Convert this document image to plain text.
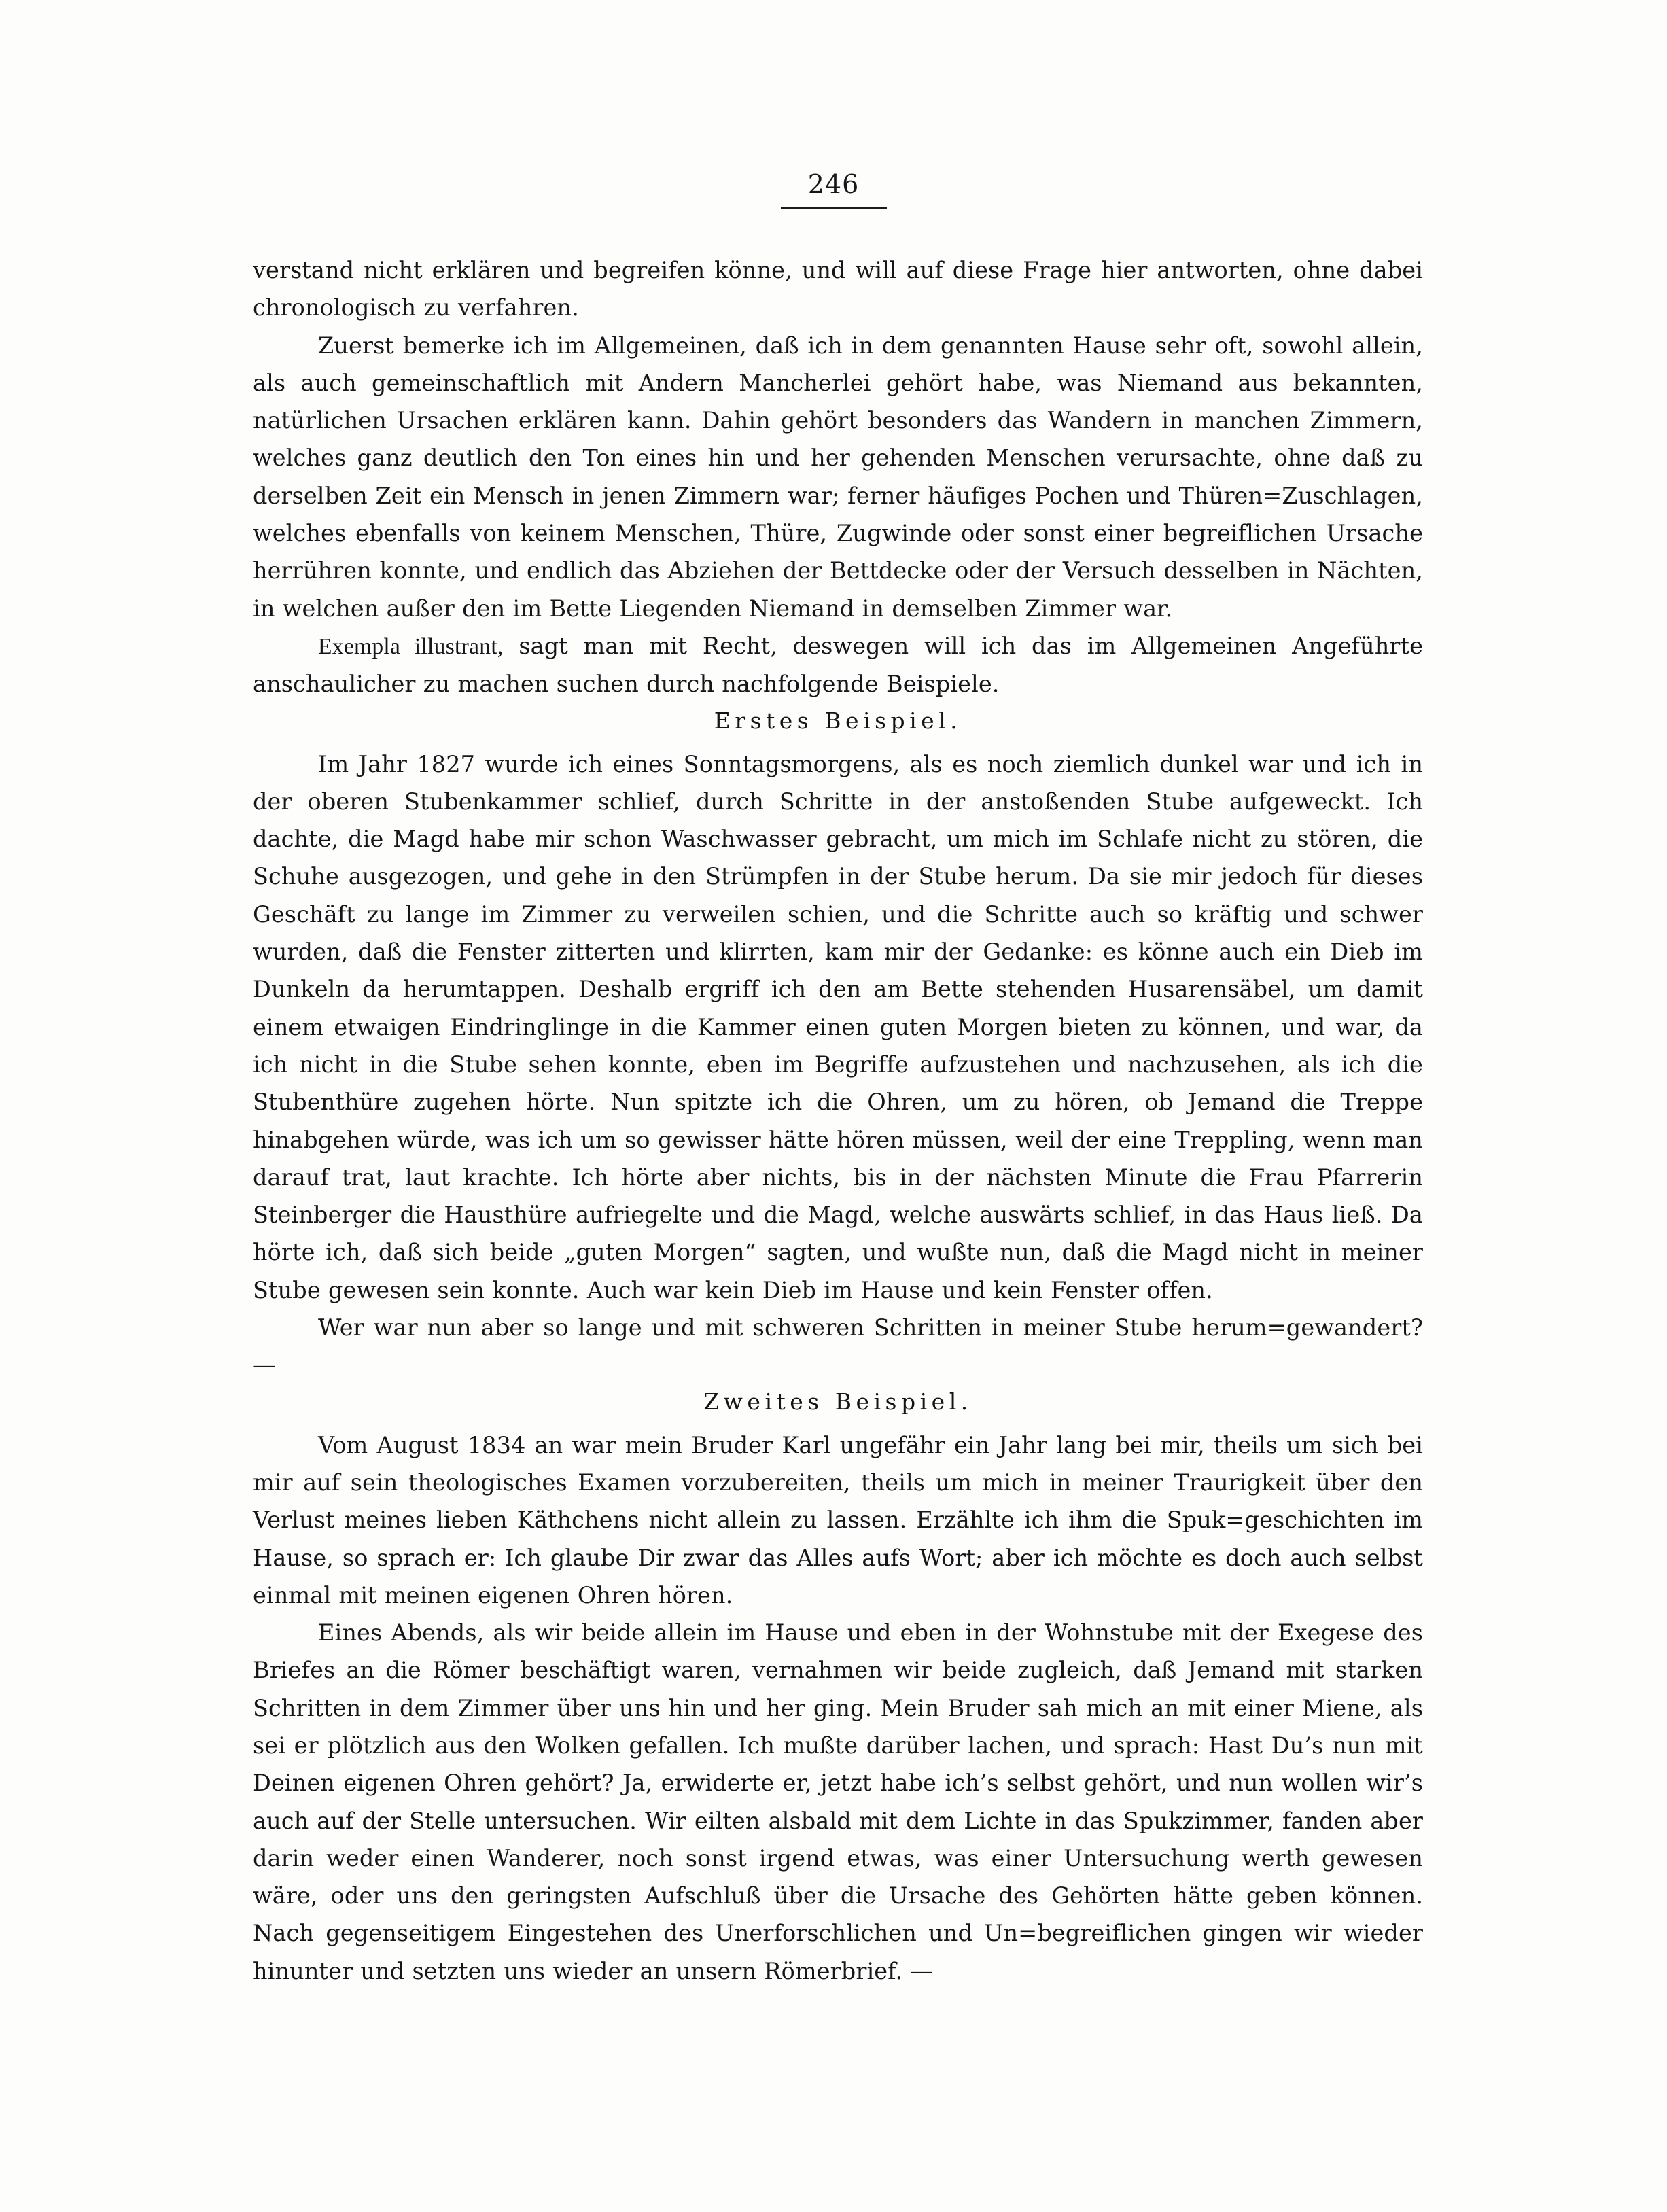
246

verstand nicht erklären und begreifen könne, und will auf diese Frage hier antworten, ohne dabei chronologisch zu verfahren.

Zuerst bemerke ich im Allgemeinen, daß ich in dem genannten Hause sehr oft, sowohl allein, als auch gemeinschaftlich mit Andern Mancherlei gehört habe, was Niemand aus bekannten, natürlichen Ursachen erklären kann. Dahin gehört besonders das Wandern in manchen Zimmern, welches ganz deutlich den Ton eines hin und her gehenden Menschen verursachte, ohne daß zu derselben Zeit ein Mensch in jenen Zimmern war; ferner häufiges Pochen und Thüren=Zuschlagen, welches ebenfalls von keinem Menschen, Thüre, Zugwinde oder sonst einer begreiflichen Ursache herrühren konnte, und endlich das Abziehen der Bettdecke oder der Versuch desselben in Nächten, in welchen außer den im Bette Liegenden Niemand in demselben Zimmer war.

Exempla illustrant, sagt man mit Recht, deswegen will ich das im Allgemeinen Angeführte anschaulicher zu machen suchen durch nachfolgende Beispiele.

Erstes Beispiel.

Im Jahr 1827 wurde ich eines Sonntagsmorgens, als es noch ziemlich dunkel war und ich in der oberen Stubenkammer schlief, durch Schritte in der anstoßenden Stube aufgeweckt. Ich dachte, die Magd habe mir schon Waschwasser gebracht, um mich im Schlafe nicht zu stören, die Schuhe ausgezogen, und gehe in den Strümpfen in der Stube herum. Da sie mir jedoch für dieses Geschäft zu lange im Zimmer zu verweilen schien, und die Schritte auch so kräftig und schwer wurden, daß die Fenster zitterten und klirrten, kam mir der Gedanke: es könne auch ein Dieb im Dunkeln da herumtappen. Deshalb ergriff ich den am Bette stehenden Husarensäbel, um damit einem etwaigen Eindringlinge in die Kammer einen guten Morgen bieten zu können, und war, da ich nicht in die Stube sehen konnte, eben im Begriffe aufzustehen und nachzusehen, als ich die Stubenthüre zugehen hörte. Nun spitzte ich die Ohren, um zu hören, ob Jemand die Treppe hinabgehen würde, was ich um so gewisser hätte hören müssen, weil der eine Treppling, wenn man darauf trat, laut krachte. Ich hörte aber nichts, bis in der nächsten Minute die Frau Pfarrerin Steinberger die Hausthüre aufriegelte und die Magd, welche auswärts schlief, in das Haus ließ. Da hörte ich, daß sich beide „guten Morgen“ sagten, und wußte nun, daß die Magd nicht in meiner Stube gewesen sein konnte. Auch war kein Dieb im Hause und kein Fenster offen.

Wer war nun aber so lange und mit schweren Schritten in meiner Stube herum=gewandert? —

Zweites Beispiel.

Vom August 1834 an war mein Bruder Karl ungefähr ein Jahr lang bei mir, theils um sich bei mir auf sein theologisches Examen vorzubereiten, theils um mich in meiner Traurigkeit über den Verlust meines lieben Käthchens nicht allein zu lassen. Erzählte ich ihm die Spuk=geschichten im Hause, so sprach er: Ich glaube Dir zwar das Alles aufs Wort; aber ich möchte es doch auch selbst einmal mit meinen eigenen Ohren hören.

Eines Abends, als wir beide allein im Hause und eben in der Wohnstube mit der Exegese des Briefes an die Römer beschäftigt waren, vernahmen wir beide zugleich, daß Jemand mit starken Schritten in dem Zimmer über uns hin und her ging. Mein Bruder sah mich an mit einer Miene, als sei er plötzlich aus den Wolken gefallen. Ich mußte darüber lachen, und sprach: Hast Du’s nun mit Deinen eigenen Ohren gehört? Ja, erwiderte er, jetzt habe ich’s selbst gehört, und nun wollen wir’s auch auf der Stelle untersuchen. Wir eilten alsbald mit dem Lichte in das Spukzimmer, fanden aber darin weder einen Wanderer, noch sonst irgend etwas, was einer Untersuchung werth gewesen wäre, oder uns den geringsten Aufschluß über die Ursache des Gehörten hätte geben können. Nach gegenseitigem Eingestehen des Unerforschlichen und Un=begreiflichen gingen wir wieder hinunter und setzten uns wieder an unsern Römerbrief. —
